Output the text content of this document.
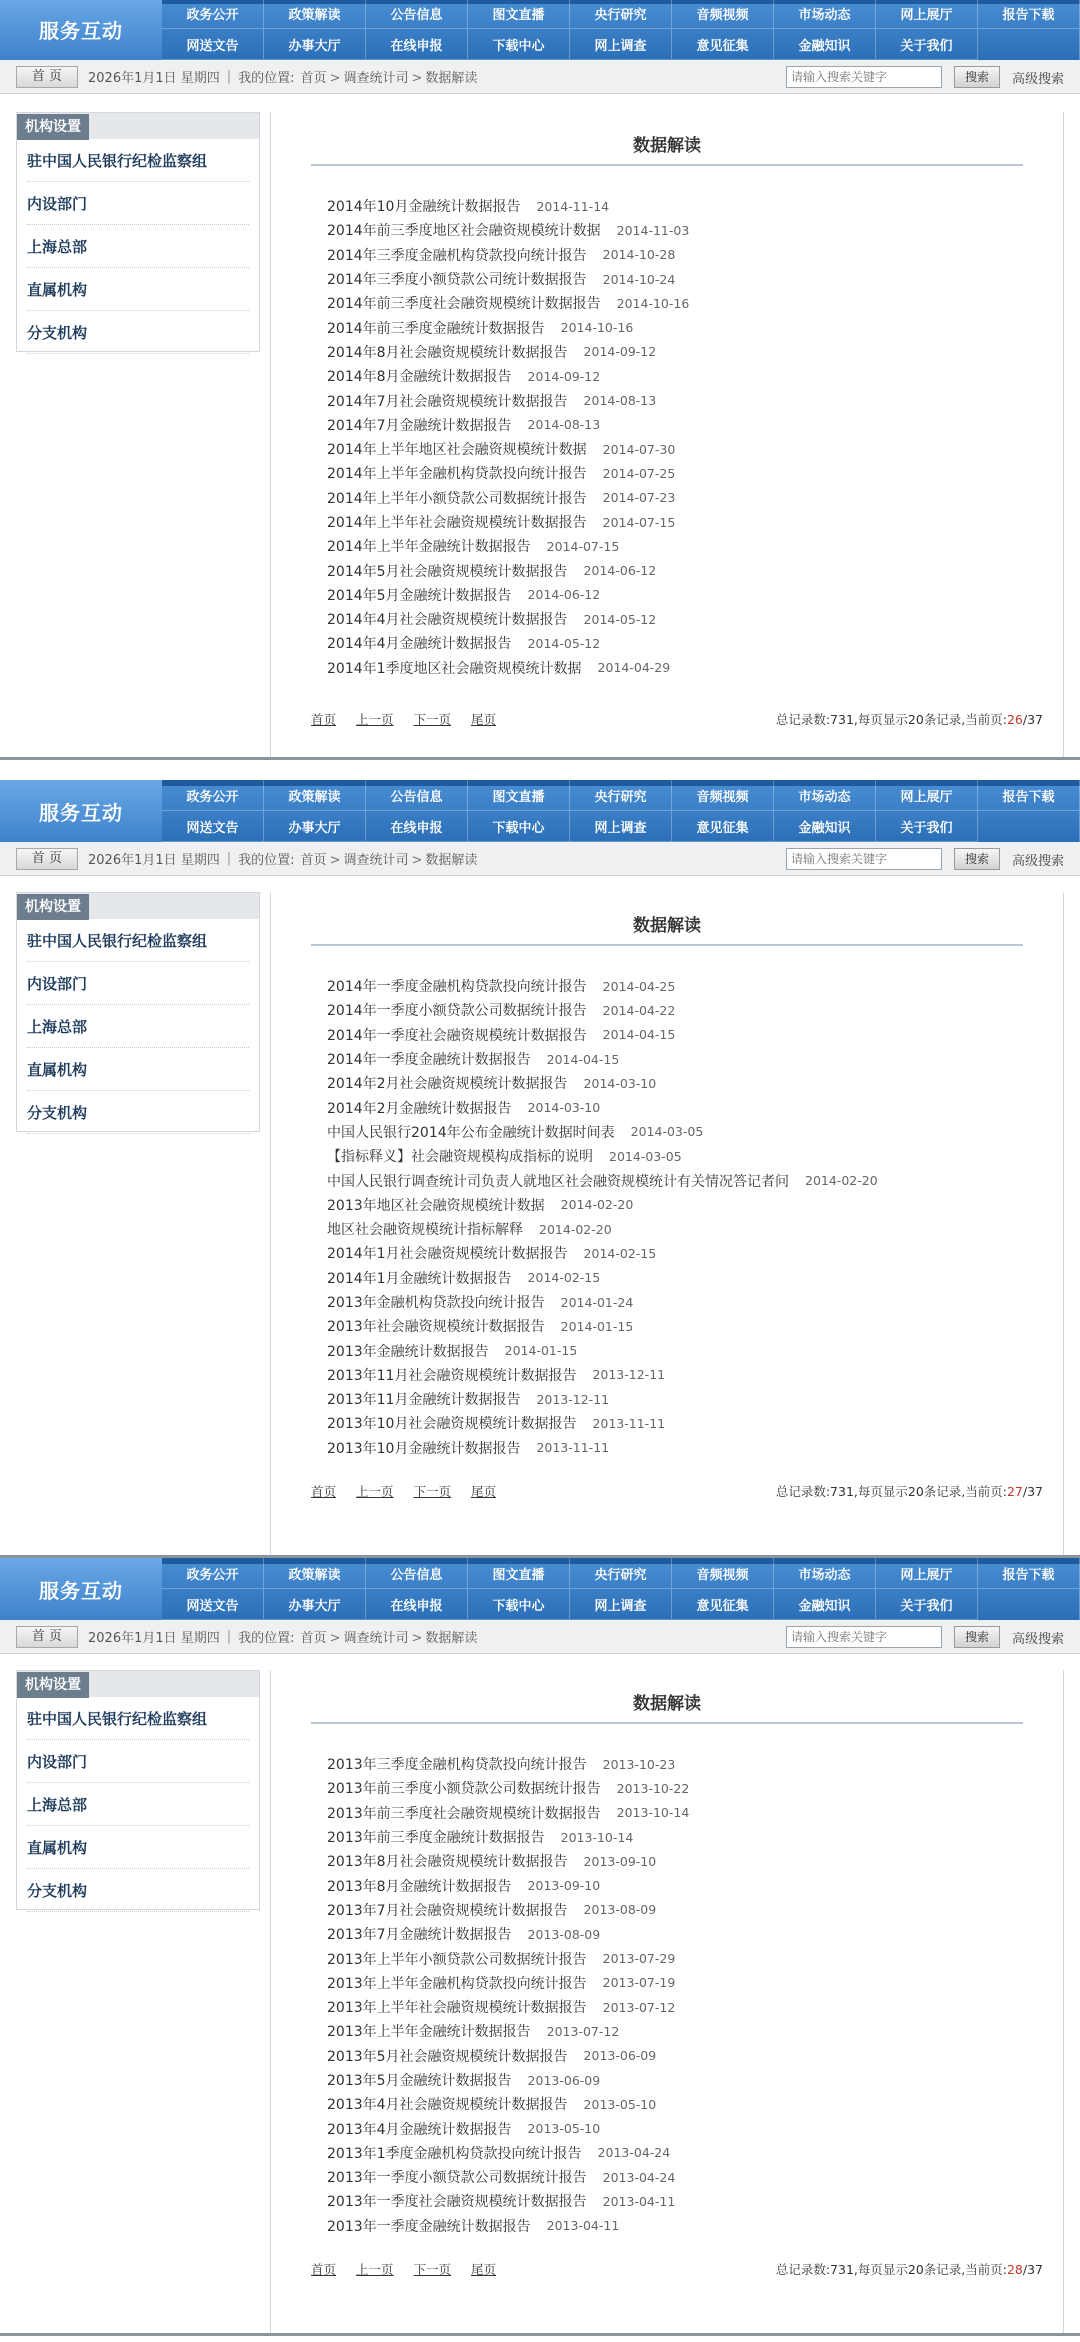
服务互动
政务公开	政策解读	公告信息	图文直播	央行研究	音频视频	市场动态	网上展厅	报告下载
网送文告	办事大厅	在线申报	下载中心	网上调查	意见征集	金融知识	关于我们
首 页	2026年1月1日 星期四 | 我的位置: 首页 > 调查统计司 > 数据解读
请输入搜索关键字	搜索	高级搜索
机构设置
驻中国人民银行纪检监察组
内设部门
上海总部
直属机构
分支机构
数据解读
2014年10月金融统计数据报告 2014-11-14
2014年前三季度地区社会融资规模统计数据 2014-11-03
2014年三季度金融机构贷款投向统计报告 2014-10-28
2014年三季度小额贷款公司统计数据报告 2014-10-24
2014年前三季度社会融资规模统计数据报告 2014-10-16
2014年前三季度金融统计数据报告 2014-10-16
2014年8月社会融资规模统计数据报告 2014-09-12
2014年8月金融统计数据报告 2014-09-12
2014年7月社会融资规模统计数据报告 2014-08-13
2014年7月金融统计数据报告 2014-08-13
2014年上半年地区社会融资规模统计数据 2014-07-30
2014年上半年金融机构贷款投向统计报告 2014-07-25
2014年上半年小额贷款公司数据统计报告 2014-07-23
2014年上半年社会融资规模统计数据报告 2014-07-15
2014年上半年金融统计数据报告 2014-07-15
2014年5月社会融资规模统计数据报告 2014-06-12
2014年5月金融统计数据报告 2014-06-12
2014年4月社会融资规模统计数据报告 2014-05-12
2014年4月金融统计数据报告 2014-05-12
2014年1季度地区社会融资规模统计数据 2014-04-29
首页 上一页 下一页 尾页	总记录数:731,每页显示20条记录,当前页:26/37
服务互动
政务公开	政策解读	公告信息	图文直播	央行研究	音频视频	市场动态	网上展厅	报告下载
网送文告	办事大厅	在线申报	下载中心	网上调查	意见征集	金融知识	关于我们
首 页	2026年1月1日 星期四 | 我的位置: 首页 > 调查统计司 > 数据解读
请输入搜索关键字	搜索	高级搜索
机构设置
驻中国人民银行纪检监察组
内设部门
上海总部
直属机构
分支机构
数据解读
2014年一季度金融机构贷款投向统计报告 2014-04-25
2014年一季度小额贷款公司数据统计报告 2014-04-22
2014年一季度社会融资规模统计数据报告 2014-04-15
2014年一季度金融统计数据报告 2014-04-15
2014年2月社会融资规模统计数据报告 2014-03-10
2014年2月金融统计数据报告 2014-03-10
中国人民银行2014年公布金融统计数据时间表 2014-03-05
【指标释义】社会融资规模构成指标的说明 2014-03-05
中国人民银行调查统计司负责人就地区社会融资规模统计有关情况答记者问 2014-02-20
2013年地区社会融资规模统计数据 2014-02-20
地区社会融资规模统计指标解释 2014-02-20
2014年1月社会融资规模统计数据报告 2014-02-15
2014年1月金融统计数据报告 2014-02-15
2013年金融机构贷款投向统计报告 2014-01-24
2013年社会融资规模统计数据报告 2014-01-15
2013年金融统计数据报告 2014-01-15
2013年11月社会融资规模统计数据报告 2013-12-11
2013年11月金融统计数据报告 2013-12-11
2013年10月社会融资规模统计数据报告 2013-11-11
2013年10月金融统计数据报告 2013-11-11
首页 上一页 下一页 尾页	总记录数:731,每页显示20条记录,当前页:27/37
服务互动
政务公开	政策解读	公告信息	图文直播	央行研究	音频视频	市场动态	网上展厅	报告下载
网送文告	办事大厅	在线申报	下载中心	网上调查	意见征集	金融知识	关于我们
首 页	2026年1月1日 星期四 | 我的位置: 首页 > 调查统计司 > 数据解读
请输入搜索关键字	搜索	高级搜索
机构设置
驻中国人民银行纪检监察组
内设部门
上海总部
直属机构
分支机构
数据解读
2013年三季度金融机构贷款投向统计报告 2013-10-23
2013年前三季度小额贷款公司数据统计报告 2013-10-22
2013年前三季度社会融资规模统计数据报告 2013-10-14
2013年前三季度金融统计数据报告 2013-10-14
2013年8月社会融资规模统计数据报告 2013-09-10
2013年8月金融统计数据报告 2013-09-10
2013年7月社会融资规模统计数据报告 2013-08-09
2013年7月金融统计数据报告 2013-08-09
2013年上半年小额贷款公司数据统计报告 2013-07-29
2013年上半年金融机构贷款投向统计报告 2013-07-19
2013年上半年社会融资规模统计数据报告 2013-07-12
2013年上半年金融统计数据报告 2013-07-12
2013年5月社会融资规模统计数据报告 2013-06-09
2013年5月金融统计数据报告 2013-06-09
2013年4月社会融资规模统计数据报告 2013-05-10
2013年4月金融统计数据报告 2013-05-10
2013年1季度金融机构贷款投向统计报告 2013-04-24
2013年一季度小额贷款公司数据统计报告 2013-04-24
2013年一季度社会融资规模统计数据报告 2013-04-11
2013年一季度金融统计数据报告 2013-04-11
首页 上一页 下一页 尾页	总记录数:731,每页显示20条记录,当前页:28/37
